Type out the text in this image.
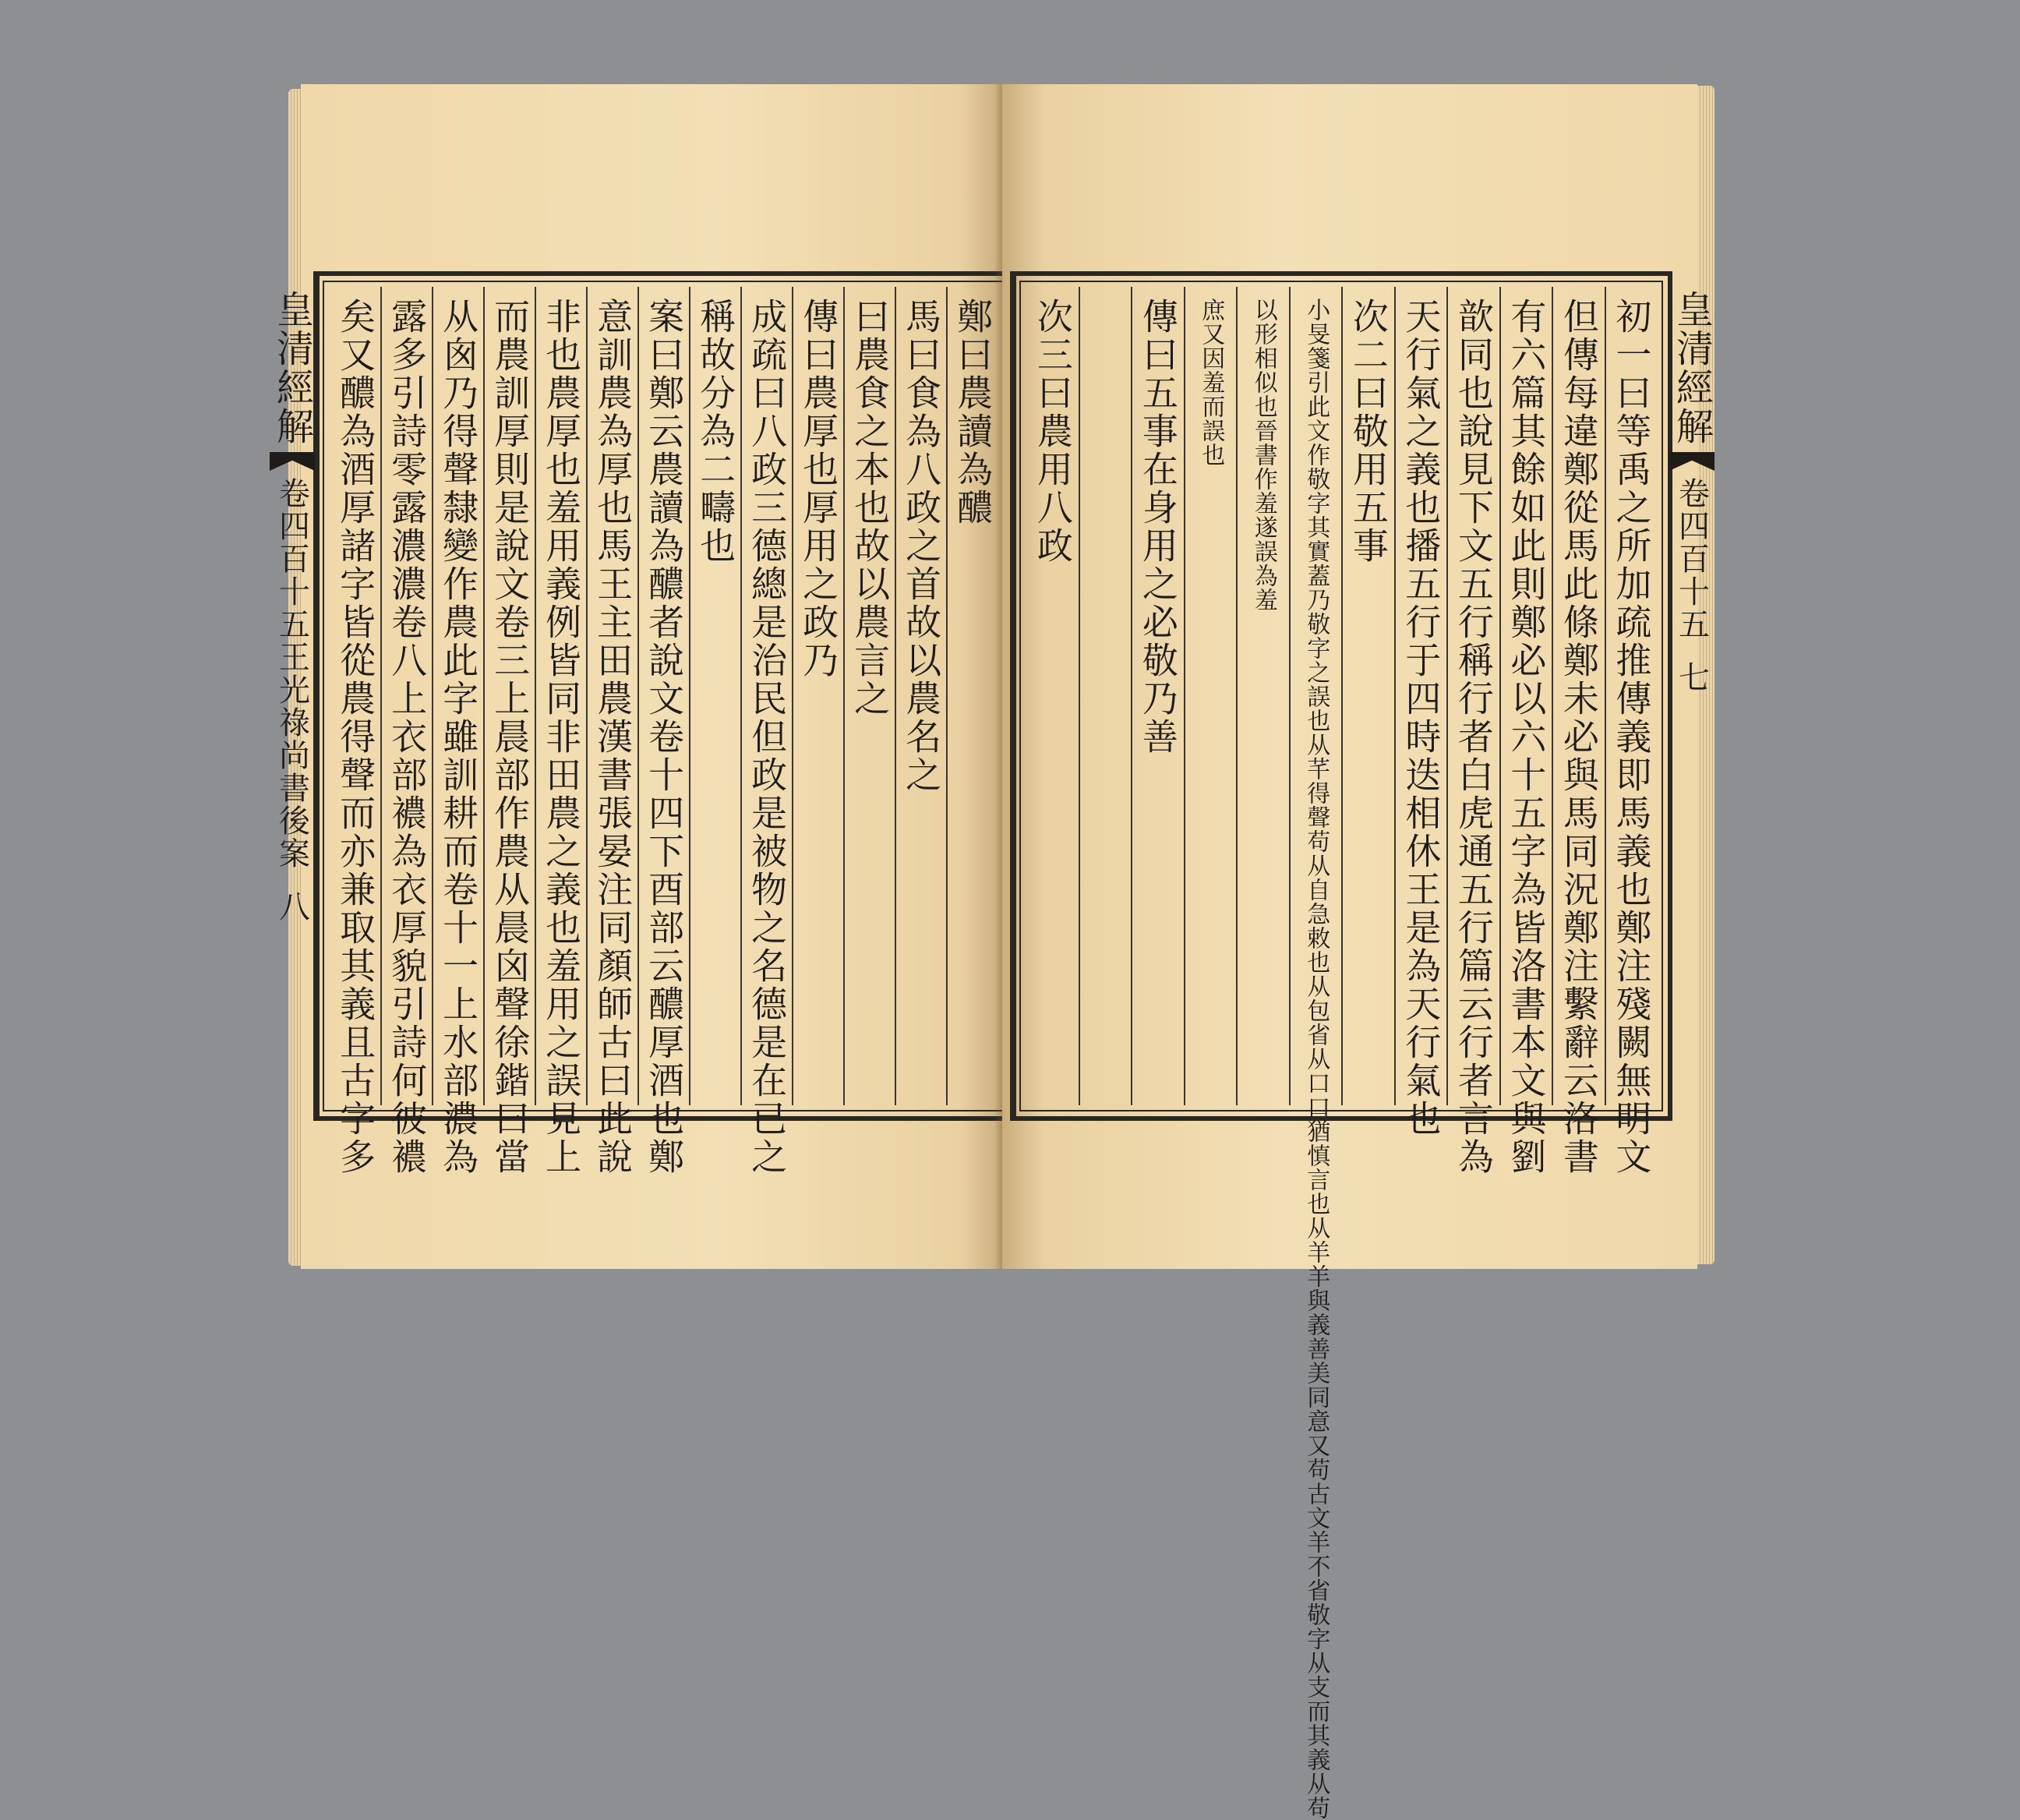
皇清經解
卷四百十五王光祿尚書後案
八
鄭曰農讀為醲
馬曰食為八政之首故以農名之
曰農食之本也故以農言之
傳曰農厚也厚用之政乃
成疏曰八政三德總是治民但政是被物之名德是在已之
稱故分為二疇也
案曰鄭云農讀為醲者說文卷十四下酉部云醲厚酒也鄭
意訓農為厚也馬王主田農漢書張晏注同顏師古曰此說
非也農厚也羞用義例皆同非田農之義也羞用之誤見上
而農訓厚則是說文卷三上晨部作農从晨囟聲徐鍇曰當
从囪乃得聲隸變作農此字雖訓耕而卷十一上水部濃為
露多引詩零露濃濃卷八上衣部襛為衣厚貌引詩何彼襛
矣又醲為酒厚諸字皆從農得聲而亦兼取其義且古字多	皇清經解
卷四百十五
七
初一曰等禹之所加疏推傳義即馬義也鄭注殘闕無明文
但傳每違鄭從馬此條鄭未必與馬同況鄭注繫辭云洛書
有六篇其餘如此則鄭必以六十五字為皆洛書本文與劉
歆同也說見下文五行稱行者白虎通五行篇云行者言為
天行氣之義也播五行于四時迭相休王是為天行氣也
次二曰敬用五事
小旻箋引此文作敬字其實蓋乃敬字之誤也从芊得聲苟从自急敕也从包省从口口猶慎言也从羊羊與義善美同意又苟古文羊不省敬字从支而其義从苟
以形相似也晉書作羞遂誤為羞
庶又因羞而誤也
傳曰五事在身用之必敬乃善
次三曰農用八政
